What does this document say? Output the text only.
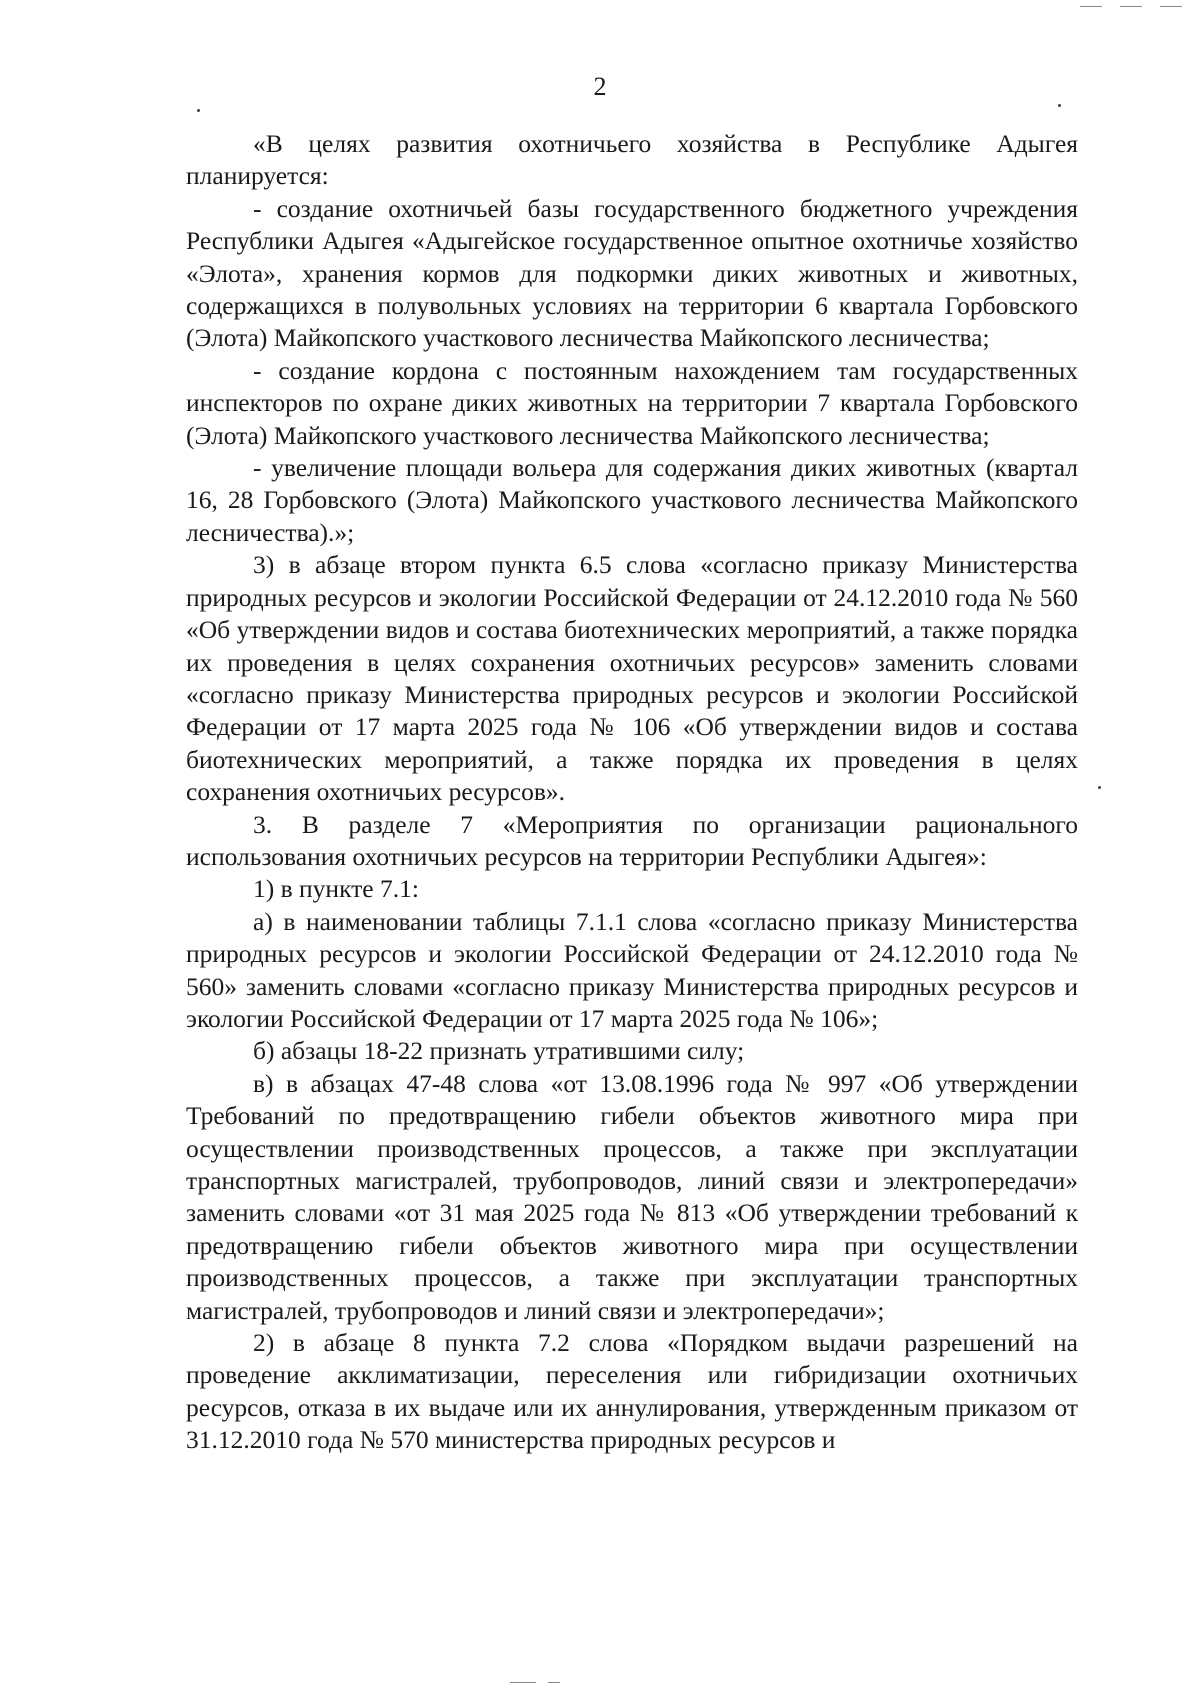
2

«В целях развития охотничьего хозяйства в Республике Адыгея планируется:

- создание охотничьей базы государственного бюджетного учреждения Республики Адыгея «Адыгейское государственное опытное охотничье хозяйство «Элота», хранения кормов для подкормки диких животных и животных, содержащихся в полувольных условиях на территории 6 квартала Горбовского (Элота) Майкопского участкового лесничества Майкопского лесничества;

- создание кордона с постоянным нахождением там государственных инспекторов по охране диких животных на территории 7 квартала Горбовского (Элота) Майкопского участкового лесничества Майкопского лесничества;

- увеличение площади вольера для содержания диких животных (квартал 16, 28 Горбовского (Элота) Майкопского участкового лесничества Майкопского лесничества).»;

3) в абзаце втором пункта 6.5 слова «согласно приказу Министерства природных ресурсов и экологии Российской Федерации от 24.12.2010 года № 560 «Об утверждении видов и состава биотехнических мероприятий, а также порядка их проведения в целях сохранения охотничьих ресурсов» заменить словами «согласно приказу Министерства природных ресурсов и экологии Российской Федерации от 17 марта 2025 года № 106 «Об утверждении видов и состава биотехнических мероприятий, а также порядка их проведения в целях сохранения охотничьих ресурсов».

3. В разделе 7 «Мероприятия по организации рационального использования охотничьих ресурсов на территории Республики Адыгея»:

1) в пункте 7.1:

а) в наименовании таблицы 7.1.1 слова «согласно приказу Министерства природных ресурсов и экологии Российской Федерации от 24.12.2010 года № 560» заменить словами «согласно приказу Министерства природных ресурсов и экологии Российской Федерации от 17 марта 2025 года № 106»;

б) абзацы 18-22 признать утратившими силу;

в) в абзацах 47-48 слова «от 13.08.1996 года № 997 «Об утверждении Требований по предотвращению гибели объектов животного мира при осуществлении производственных процессов, а также при эксплуатации транспортных магистралей, трубопроводов, линий связи и электропередачи» заменить словами «от 31 мая 2025 года № 813 «Об утверждении требований к предотвращению гибели объектов животного мира при осуществлении производственных процессов, а также при эксплуатации транспортных магистралей, трубопроводов и линий связи и электропередачи»;

2) в абзаце 8 пункта 7.2 слова «Порядком выдачи разрешений на проведение акклиматизации, переселения или гибридизации охотничьих ресурсов, отказа в их выдаче или их аннулирования, утвержденным приказом от 31.12.2010 года № 570 министерства природных ресурсов и
